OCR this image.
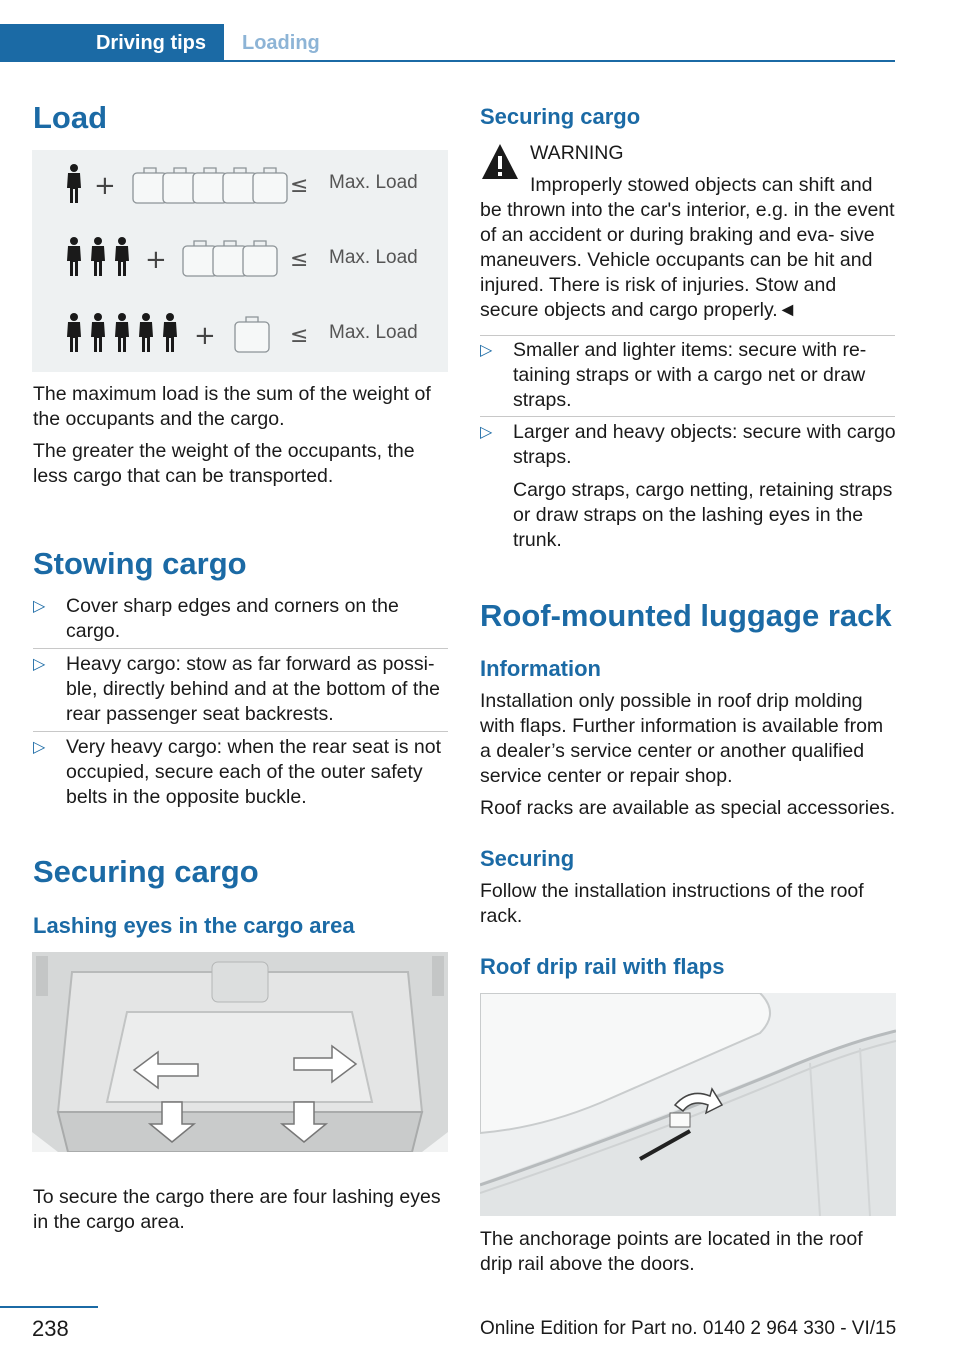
Driving tips	Loading
Load
+	≤
+	≤
+	≤
Max. Load
Max. Load
Max. Load

The maximum load is the sum of the weight of the occupants and the cargo.

The greater the weight of the occupants, the less cargo that can be transported.

Stowing cargo
▷ Cover sharp edges and corners on the cargo.
▷ Heavy cargo: stow as far forward as possi‐ ble, directly behind and at the bottom of the rear passenger seat backrests.
▷ Very heavy cargo: when the rear seat is not occupied, secure each of the outer safety belts in the opposite buckle.
Securing cargo
Lashing eyes in the cargo area

To secure the cargo there are four lashing eyes in the cargo area.

Securing cargo
WARNING

Improperly stowed objects can shift and be thrown into the car's interior, e.g. in the event of an accident or during braking and eva‐ sive maneuvers. Vehicle occupants can be hit and injured. There is risk of injuries. Stow and secure objects and cargo properly.◄

▷ Smaller and lighter items: secure with re‐ taining straps or with a cargo net or draw straps.
▷ Larger and heavy objects: secure with cargo straps.

Cargo straps, cargo netting, retaining straps or draw straps on the lashing eyes in the trunk.

Roof-mounted luggage rack
Information

Installation only possible in roof drip molding with flaps. Further information is available from a dealer’s service center or another qualified service center or repair shop.

Roof racks are available as special accessories.

Securing

Follow the installation instructions of the roof rack.

Roof drip rail with flaps

The anchorage points are located in the roof drip rail above the doors.

238	Online Edition for Part no. 0140 2 964 330 - VI/15
